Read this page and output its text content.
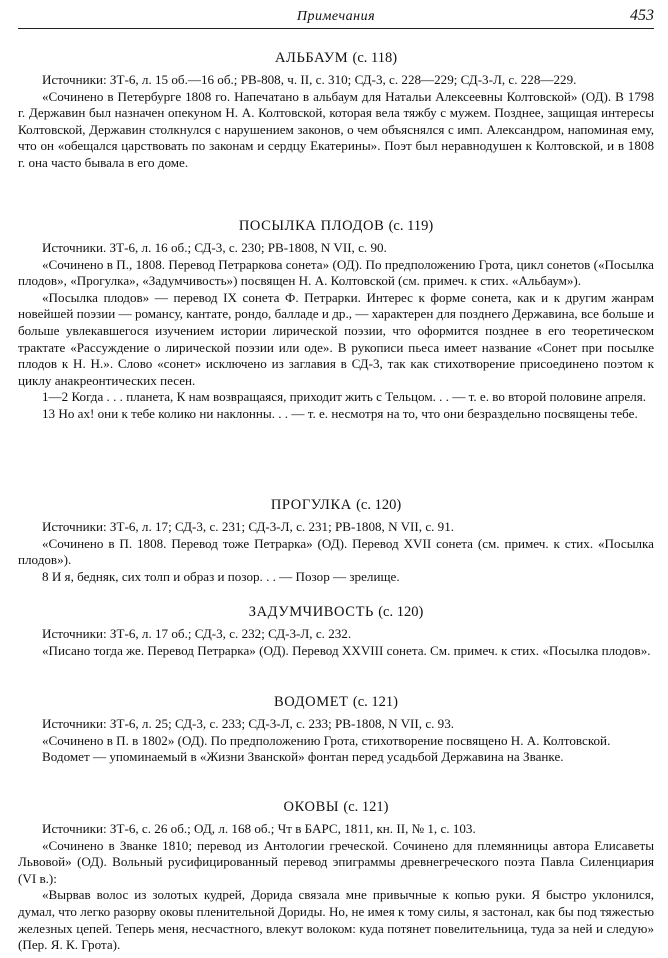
Примечания	453
АЛЬБАУМ (с. 118)

Источники: ЗТ-6, л. 15 об.—16 об.; РВ-808, ч. II, с. 310; СД-3, с. 228—229; СД-3-Л, с. 228—229.

«Сочинено в Петербурге 1808 го. Напечатано в альбаум для Натальи Алексеевны Колтовской» (ОД). В 1798 г. Державин был назначен опекуном Н. А. Колтовской, которая вела тяжбу с мужем. Позднее, защищая интересы Колтовской, Державин столкнулся с нарушением законов, о чем объяснялся с имп. Александром, напоминая ему, что он «обещался царствовать по законам и сердцу Екатерины». Поэт был неравнодушен к Колтовской, и в 1808 г. она часто бывала в его доме.

ПОСЫЛКА ПЛОДОВ (с. 119)

Источники. ЗТ-6, л. 16 об.; СД-3, с. 230; РВ-1808, N VII, с. 90.

«Сочинено в П., 1808. Перевод Петраркова сонета» (ОД). По предположению Грота, цикл сонетов («Посылка плодов», «Прогулка», «Задумчивость») посвящен Н. А. Колтовской (см. примеч. к стих. «Альбаум»).

«Посылка плодов» — перевод IX сонета Ф. Петрарки. Интерес к форме сонета, как и к другим жанрам новейшей поэзии — романсу, кантате, рондо, балладе и др., — характерен для позднего Державина, все больше и больше увлекавшегося изучением истории лирической поэзии, что оформится позднее в его теоретическом трактате «Рассуждение о лирической поэзии или оде». В рукописи пьеса имеет название «Сонет при посылке плодов к Н. Н.». Слово «сонет» исключено из заглавия в СД-3, так как стихотворение присоединено поэтом к циклу анакреонтических песен.

1—2 Когда . . . планета, К нам возвращаяся, приходит жить с Тельцом. . . — т. е. во второй половине апреля.

13 Но ах! они к тебе колико ни наклонны. . . — т. е. несмотря на то, что они безраздельно посвящены тебе.

ПРОГУЛКА (с. 120)

Источники: ЗТ-6, л. 17; СД-3, с. 231; СД-3-Л, с. 231; РВ-1808, N VII, с. 91.

«Сочинено в П. 1808. Перевод тоже Петрарка» (ОД). Перевод XVII сонета (см. примеч. к стих. «Посылка плодов»).

8 И я, бедняк, сих толп и образ и позор. . . — Позор — зрелище.

ЗАДУМЧИВОСТЬ (с. 120)

Источники: ЗТ-6, л. 17 об.; СД-3, с. 232; СД-3-Л, с. 232.

«Писано тогда же. Перевод Петрарка» (ОД). Перевод XXVIII сонета. См. примеч. к стих. «Посылка плодов».

ВОДОМЕТ (с. 121)

Источники: ЗТ-6, л. 25; СД-3, с. 233; СД-3-Л, с. 233; РВ-1808, N VII, с. 93.

«Сочинено в П. в 1802» (ОД). По предположению Грота, стихотворение посвящено Н. А. Колтовской.

Водомет — упоминаемый в «Жизни Званской» фонтан перед усадьбой Державина на Званке.

ОКОВЫ (с. 121)

Источники: ЗТ-6, с. 26 об.; ОД, л. 168 об.; Чт в БАРС, 1811, кн. II, № 1, с. 103.

«Сочинено в Званке 1810; перевод из Антологии греческой. Сочинено для племянницы автора Елисаветы Львовой» (ОД). Вольный русифицированный перевод эпиграммы древнегреческого поэта Павла Силенциария (VI в.):

«Вырвав волос из золотых кудрей, Дорида связала мне привычные к копью руки. Я быстро уклонился, думал, что легко разорву оковы пленительной Дориды. Но, не имея к тому силы, я застонал, как бы под тяжестью железных цепей. Теперь меня, несчастного, влекут волоком: куда потянет повелительница, туда за ней и следую» (Пер. Я. К. Грота).
